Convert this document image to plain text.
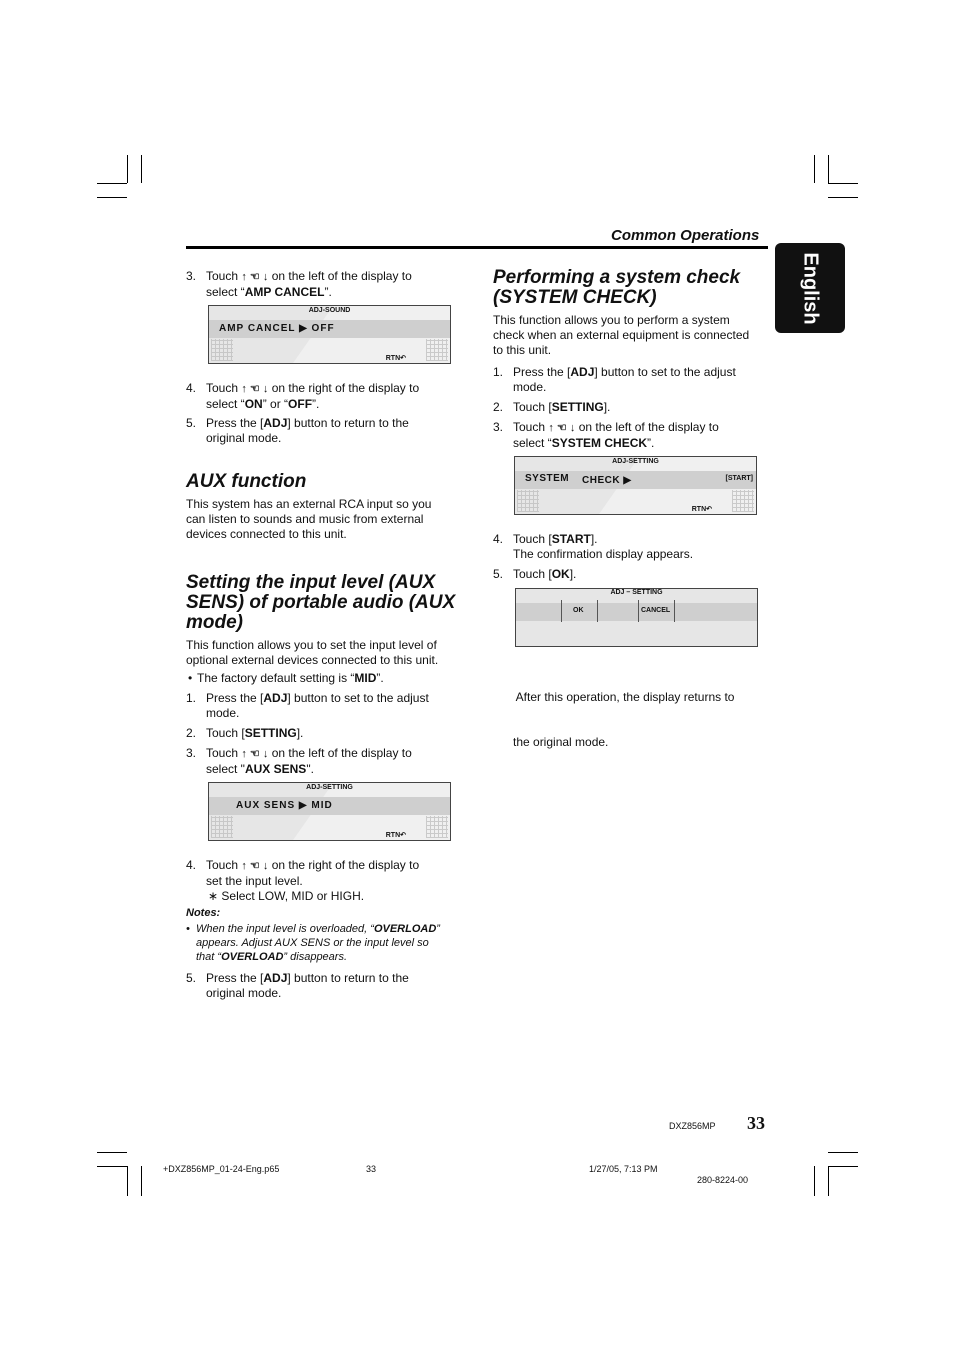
Common Operations
English
3. Touch ↑ ☜ ↓ on the left of the display to
select “AMP CANCEL”.
ADJ-SOUND
AMP CANCEL ▶ OFF
RTN↶
4. Touch ↑ ☜ ↓ on the right of the display to
select “ON” or “OFF”.
5. Press the [ADJ] button to return to the
original mode.
AUX function
This system has an external RCA input so you
can listen to sounds and music from external
devices connected to this unit.
Setting the input level (AUX
SENS) of portable audio (AUX
mode)
This function allows you to set the input level of
optional external devices connected to this unit.
• The factory default setting is “MID”.
1. Press the [ADJ] button to set to the adjust
mode.
2. Touch [SETTING].
3. Touch ↑ ☜ ↓ on the left of the display to
select "AUX SENS".
ADJ-SETTING
AUX SENS ▶ MID
RTN↶
4. Touch ↑ ☜ ↓ on the right of the display to
set the input level.
∗ Select LOW, MID or HIGH.
Notes:
• When the input level is overloaded, “OVERLOAD”
appears. Adjust AUX SENS or the input level so
that “OVERLOAD” disappears.
5. Press the [ADJ] button to return to the
original mode.
Performing a system check
(SYSTEM CHECK)
This function allows you to perform a system
check when an external equipment is connected
to this unit.
1. Press the [ADJ] button to set to the adjust
mode.
2. Touch [SETTING].
3. Touch ↑ ☜ ↓ on the left of the display to
select “SYSTEM CHECK”.
ADJ-SETTING
SYSTEM CHECK ▶	[START]
RTN↶
4. Touch [START].
The confirmation display appears.
5. Touch [OK].
ADJ – SETTING
OK	CANCEL

After this operation, the display returns to

the original mode.

DXZ856MP 33
+DXZ856MP_01-24-Eng.p65	33	1/27/05, 7:13 PM
280-8224-00
